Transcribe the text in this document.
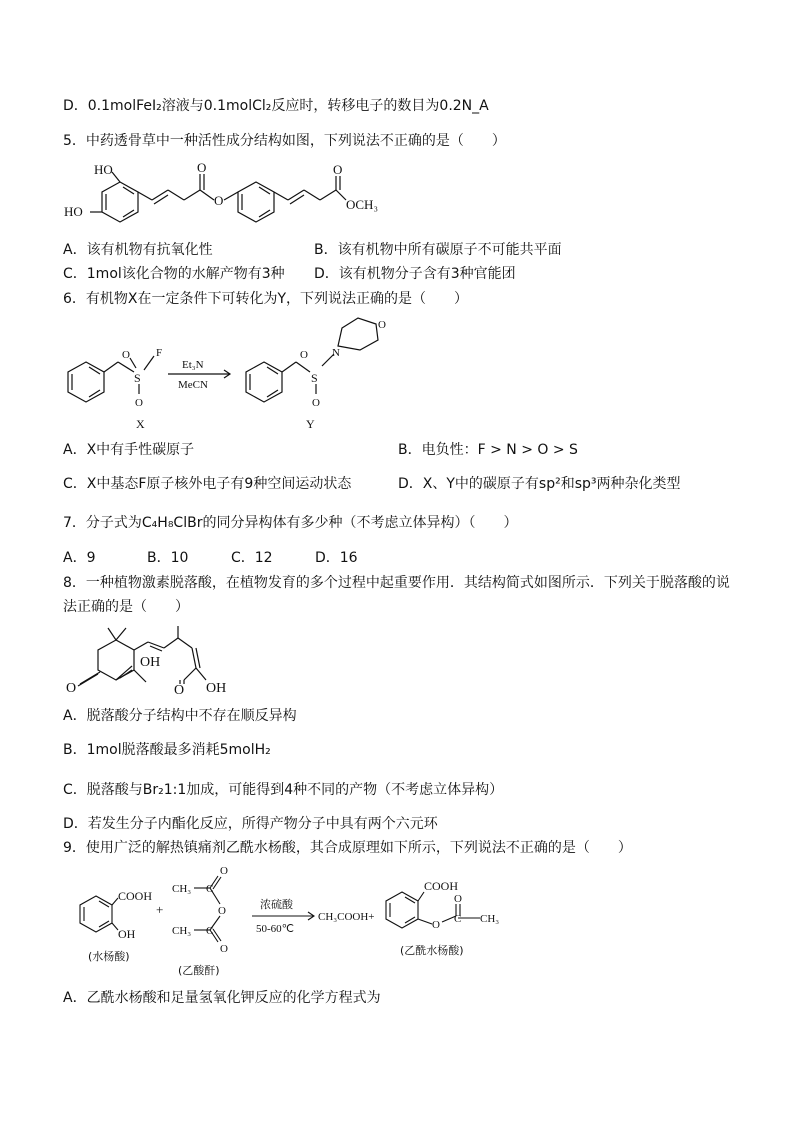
D．0.1molFeI₂溶液与0.1molCl₂反应时，转移电子的数目为0.2N_A
5．中药透骨草中一种活性成分结构如图，下列说法不正确的是（　　）
HO
HO
O
O
O
OCH₃
A．该有机物有抗氧化性	B．该有机物中所有碳原子不可能共平面
C．1mol该化合物的水解产物有3种 D．该有机物分子含有3种官能团
6．有机物X在一定条件下可转化为Y，下列说法正确的是（　　）
F
S
O
O
Et₃N
MeCN	S
O
O
N
O
X	Y
A．X中有手性碳原子	B．电负性：F > N > O > S
C．X中基态F原子核外电子有9种空间运动状态	D．X、Y中的碳原子有sp²和sp³两种杂化类型
7．分子式为C₄H₈ClBr的同分异构体有多少种（不考虑立体异构）（　　）
A．9	B．10	C．12	D．16
8．一种植物激素脱落酸，在植物发育的多个过程中起重要作用．其结构简式如图所示．下列关于脱落酸的说
法正确的是（　　）
O
OH
O OH
A．脱落酸分子结构中不存在顺反异构
B．1mol脱落酸最多消耗5molH₂
C．脱落酸与Br₂1:1加成，可能得到4种不同的产物（不考虑立体异构）
D．若发生分子内酯化反应，所得产物分子中具有两个六元环
9．使用广泛的解热镇痛剂乙酰水杨酸，其合成原理如下所示，下列说法不正确的是（　　）
COOH
OH
(水杨酸)
+
CH₃ C
O
O
CH₃ C
O
(乙酸酐)
浓硫酸
50-60℃
CH₃COOH+
COOH
O C
O
CH₃
(乙酰水杨酸)
A．乙酰水杨酸和足量氢氧化钾反应的化学方程式为
